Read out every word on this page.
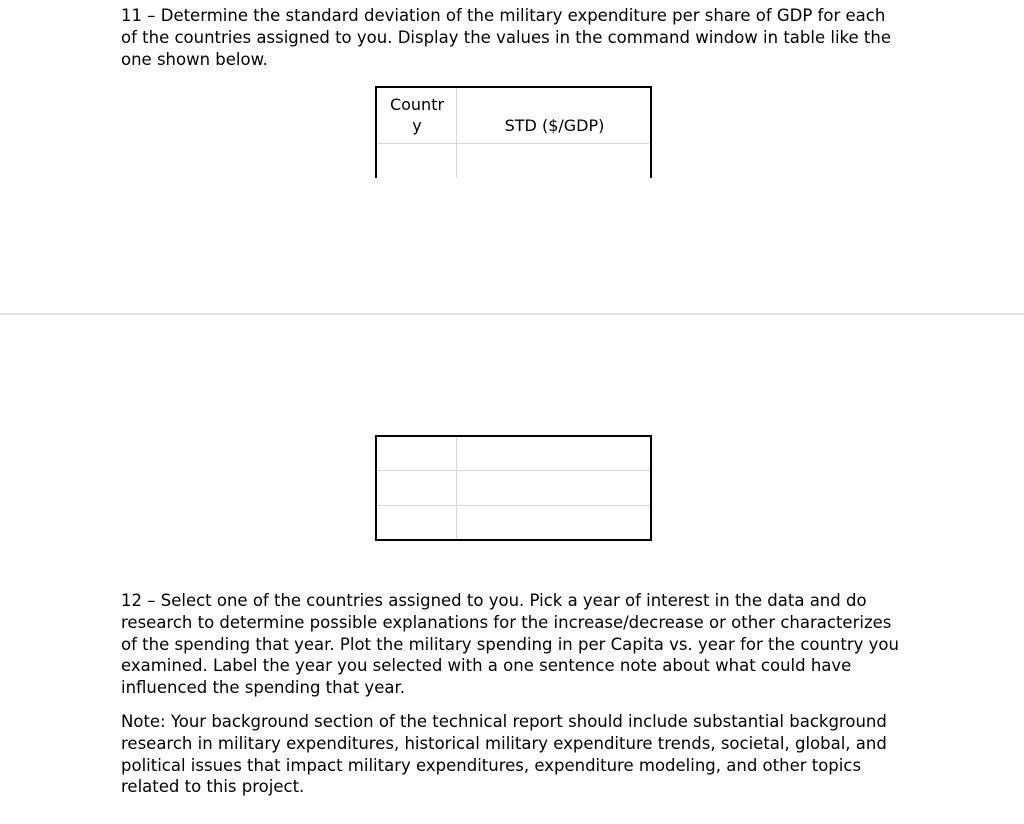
11 – Determine the standard deviation of the military expenditure per share of GDP for each
of the countries assigned to you. Display the values in the command window in table like the
one shown below.

Countr
y	STD ($/GDP)

12 – Select one of the countries assigned to you. Pick a year of interest in the data and do
research to determine possible explanations for the increase/decrease or other characterizes
of the spending that year. Plot the military spending in per Capita vs. year for the country you
examined. Label the year you selected with a one sentence note about what could have
influenced the spending that year.

Note: Your background section of the technical report should include substantial background
research in military expenditures, historical military expenditure trends, societal, global, and
political issues that impact military expenditures, expenditure modeling, and other topics
related to this project.
